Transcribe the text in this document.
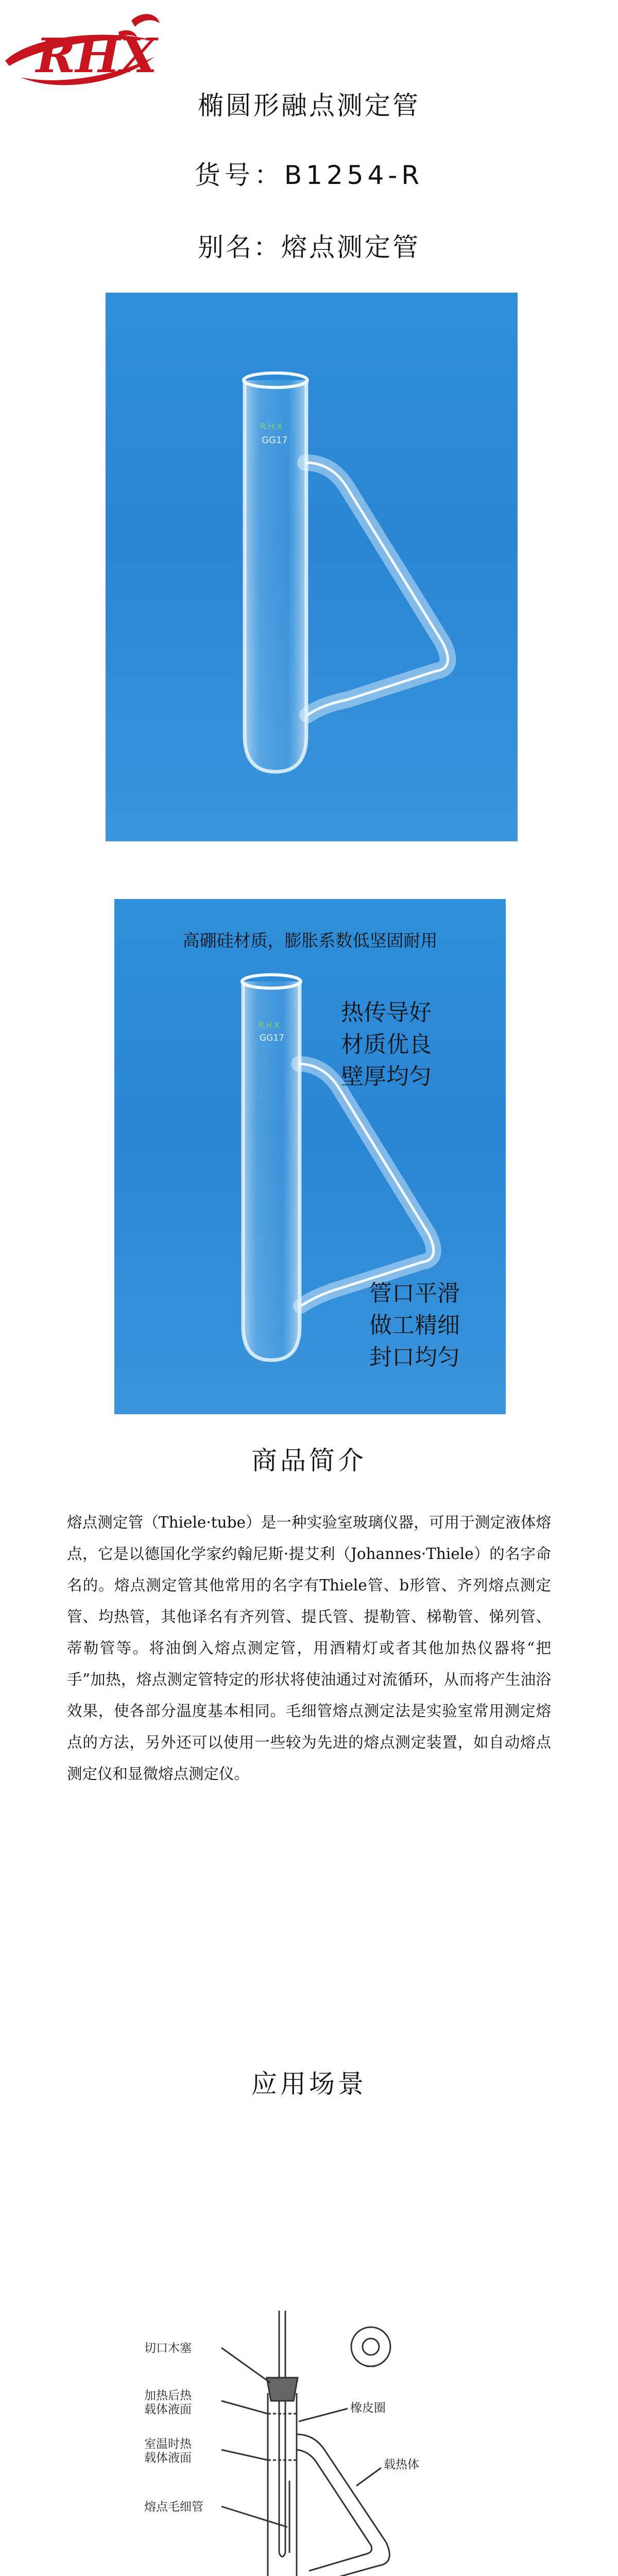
RHX
椭圆形融点测定管
货号：B1254-R
别名：熔点测定管
R.H.X
GG17
R.H.X
GG17
高硼硅材质，膨胀系数低坚固耐用
热传导好
材质优良
壁厚均匀
管口平滑
做工精细
封口均匀
商品简介

熔点测定管（Thiele·tube）是一种实验室玻璃仪器，可用于测定液体熔点，它是以德国化学家约翰尼斯·提艾利（Johannes·Thiele）的名字命名的。熔点测定管其他常用的名字有Thiele管、b形管、齐列熔点测定管、均热管，其他译名有齐列管、提氏管、提勒管、梯勒管、悌列管、蒂勒管等。将油倒入熔点测定管，用酒精灯或者其他加热仪器将“把手”加热，熔点测定管特定的形状将使油通过对流循环，从而将产生油浴效果，使各部分温度基本相同。毛细管熔点测定法是实验室常用测定熔点的方法，另外还可以使用一些较为先进的熔点测定装置，如自动熔点测定仪和显微熔点测定仪。

应用场景
切口木塞
加热后热
载体液面
室温时热
载体液面
熔点毛细管
橡皮圈
载热体
